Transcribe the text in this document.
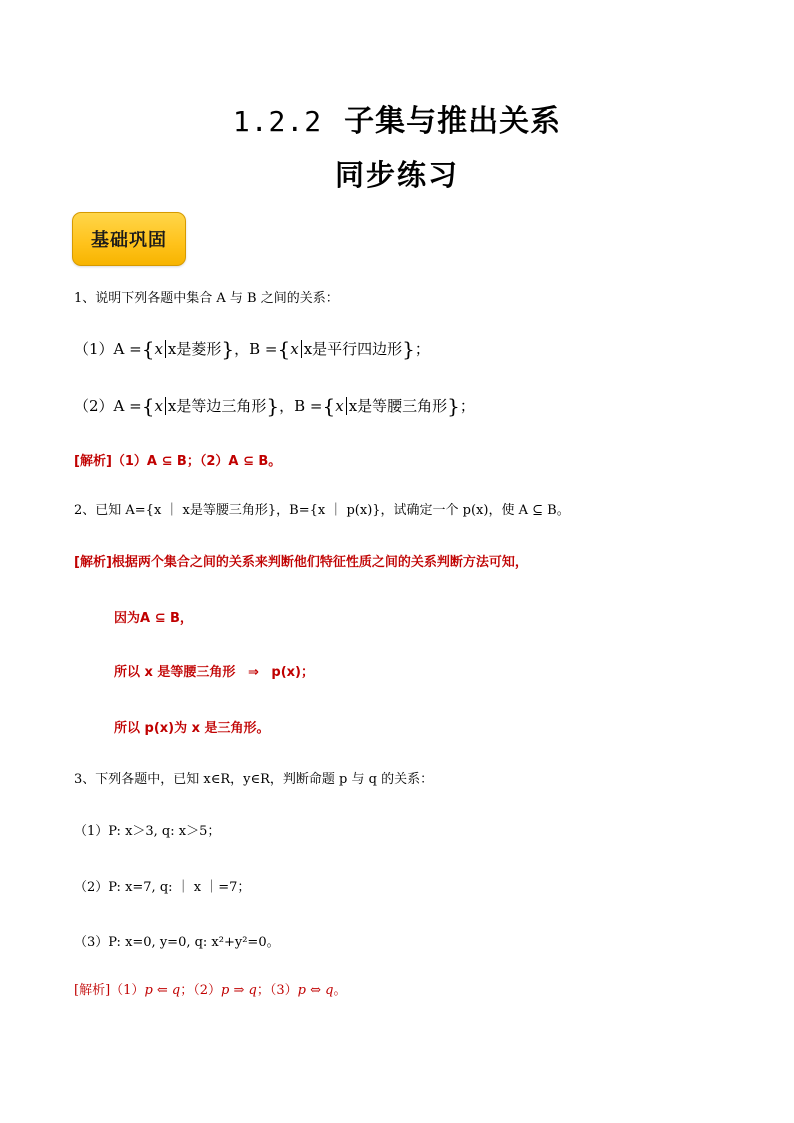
1.2.2 子集与推出关系
同步练习
基础巩固
1、说明下列各题中集合 A 与 B 之间的关系：
（1）A ={x x是菱形}，B ={x x是平行四边形}；
（2）A ={x x是等边三角形}，B ={x x是等腰三角形}；
[解析]（1）A ⊆ B；（2）A ⊆ B。
2、已知 A={x ｜ x是等腰三角形}，B={x ｜ p(x)}，试确定一个 p(x)，使 A ⊆ B。
[解析]根据两个集合之间的关系来判断他们特征性质之间的关系判断方法可知，
因为A ⊆ B，
所以 x 是等腰三角形 ⇒ p(x)；
所以 p(x)为 x 是三角形。
3、下列各题中，已知 x∈R，y∈R，判断命题 p 与 q 的关系：
（1）P: x＞3, q: x＞5；
（2）P: x=7, q: ｜ x ｜=7；
（3）P: x=0, y=0, q: x²+y²=0。
[解析]（1）p ⇐ q；（2）p ⇒ q；（3）p ⇔ q。
